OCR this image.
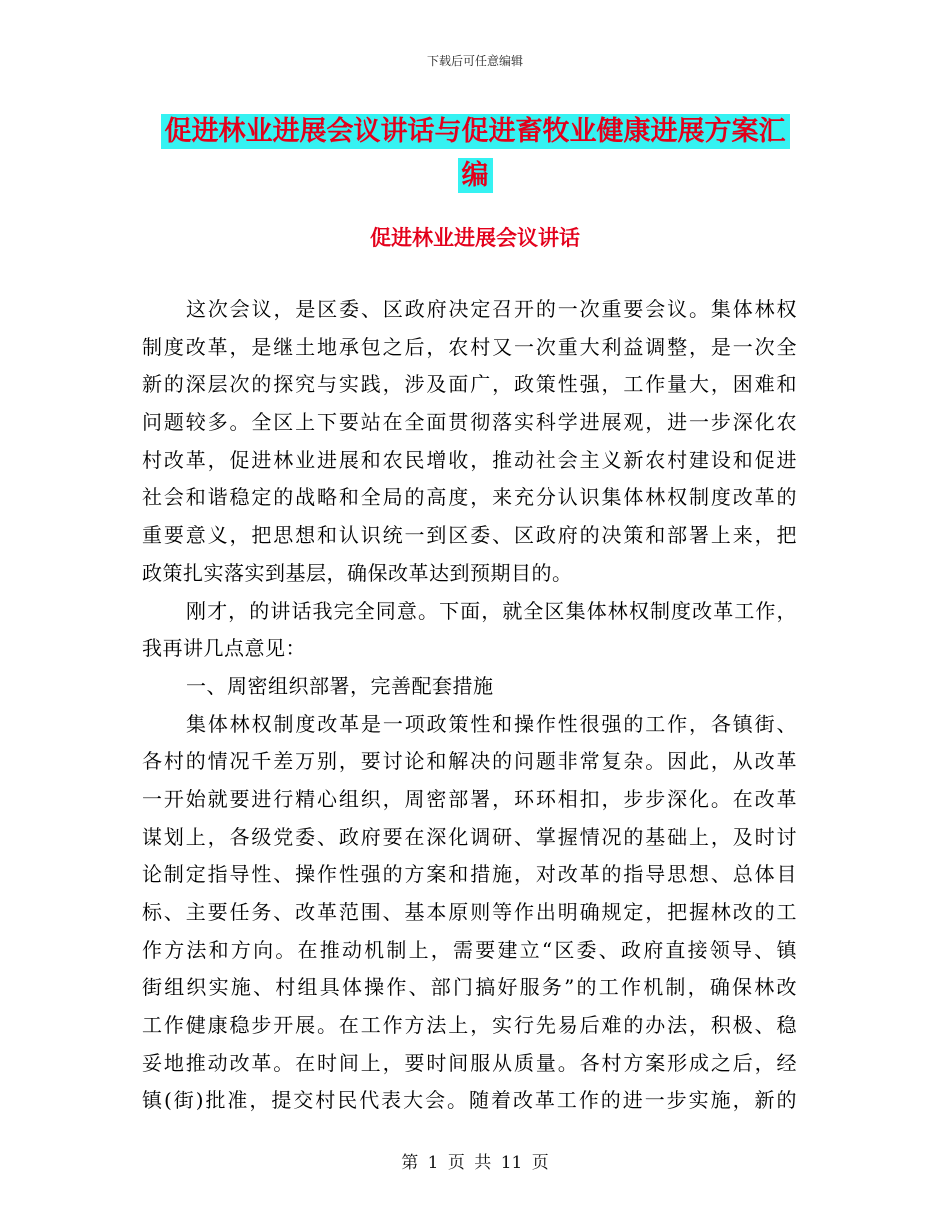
下载后可任意编辑
促进林业进展会议讲话与促进畜牧业健康进展方案汇
编
促进林业进展会议讲话
这次会议，是区委、区政府决定召开的一次重要会议。集体林权
制度改革，是继土地承包之后，农村又一次重大利益调整，是一次全
新的深层次的探究与实践，涉及面广，政策性强，工作量大，困难和
问题较多。全区上下要站在全面贯彻落实科学进展观，进一步深化农
村改革，促进林业进展和农民增收，推动社会主义新农村建设和促进
社会和谐稳定的战略和全局的高度，来充分认识集体林权制度改革的
重要意义，把思想和认识统一到区委、区政府的决策和部署上来，把
政策扎实落实到基层，确保改革达到预期目的。
刚才，的讲话我完全同意。下面，就全区集体林权制度改革工作，
我再讲几点意见：
一、周密组织部署，完善配套措施
集体林权制度改革是一项政策性和操作性很强的工作，各镇街、
各村的情况千差万别，要讨论和解决的问题非常复杂。因此，从改革
一开始就要进行精心组织，周密部署，环环相扣，步步深化。在改革
谋划上，各级党委、政府要在深化调研、掌握情况的基础上，及时讨
论制定指导性、操作性强的方案和措施，对改革的指导思想、总体目
标、主要任务、改革范围、基本原则等作出明确规定，把握林改的工
作方法和方向。在推动机制上，需要建立“区委、政府直接领导、镇
街组织实施、村组具体操作、部门搞好服务”的工作机制，确保林改
工作健康稳步开展。在工作方法上，实行先易后难的办法，积极、稳
妥地推动改革。在时间上，要时间服从质量。各村方案形成之后，经
镇(街)批准，提交村民代表大会。随着改革工作的进一步实施，新的
第 1 页 共 11 页
